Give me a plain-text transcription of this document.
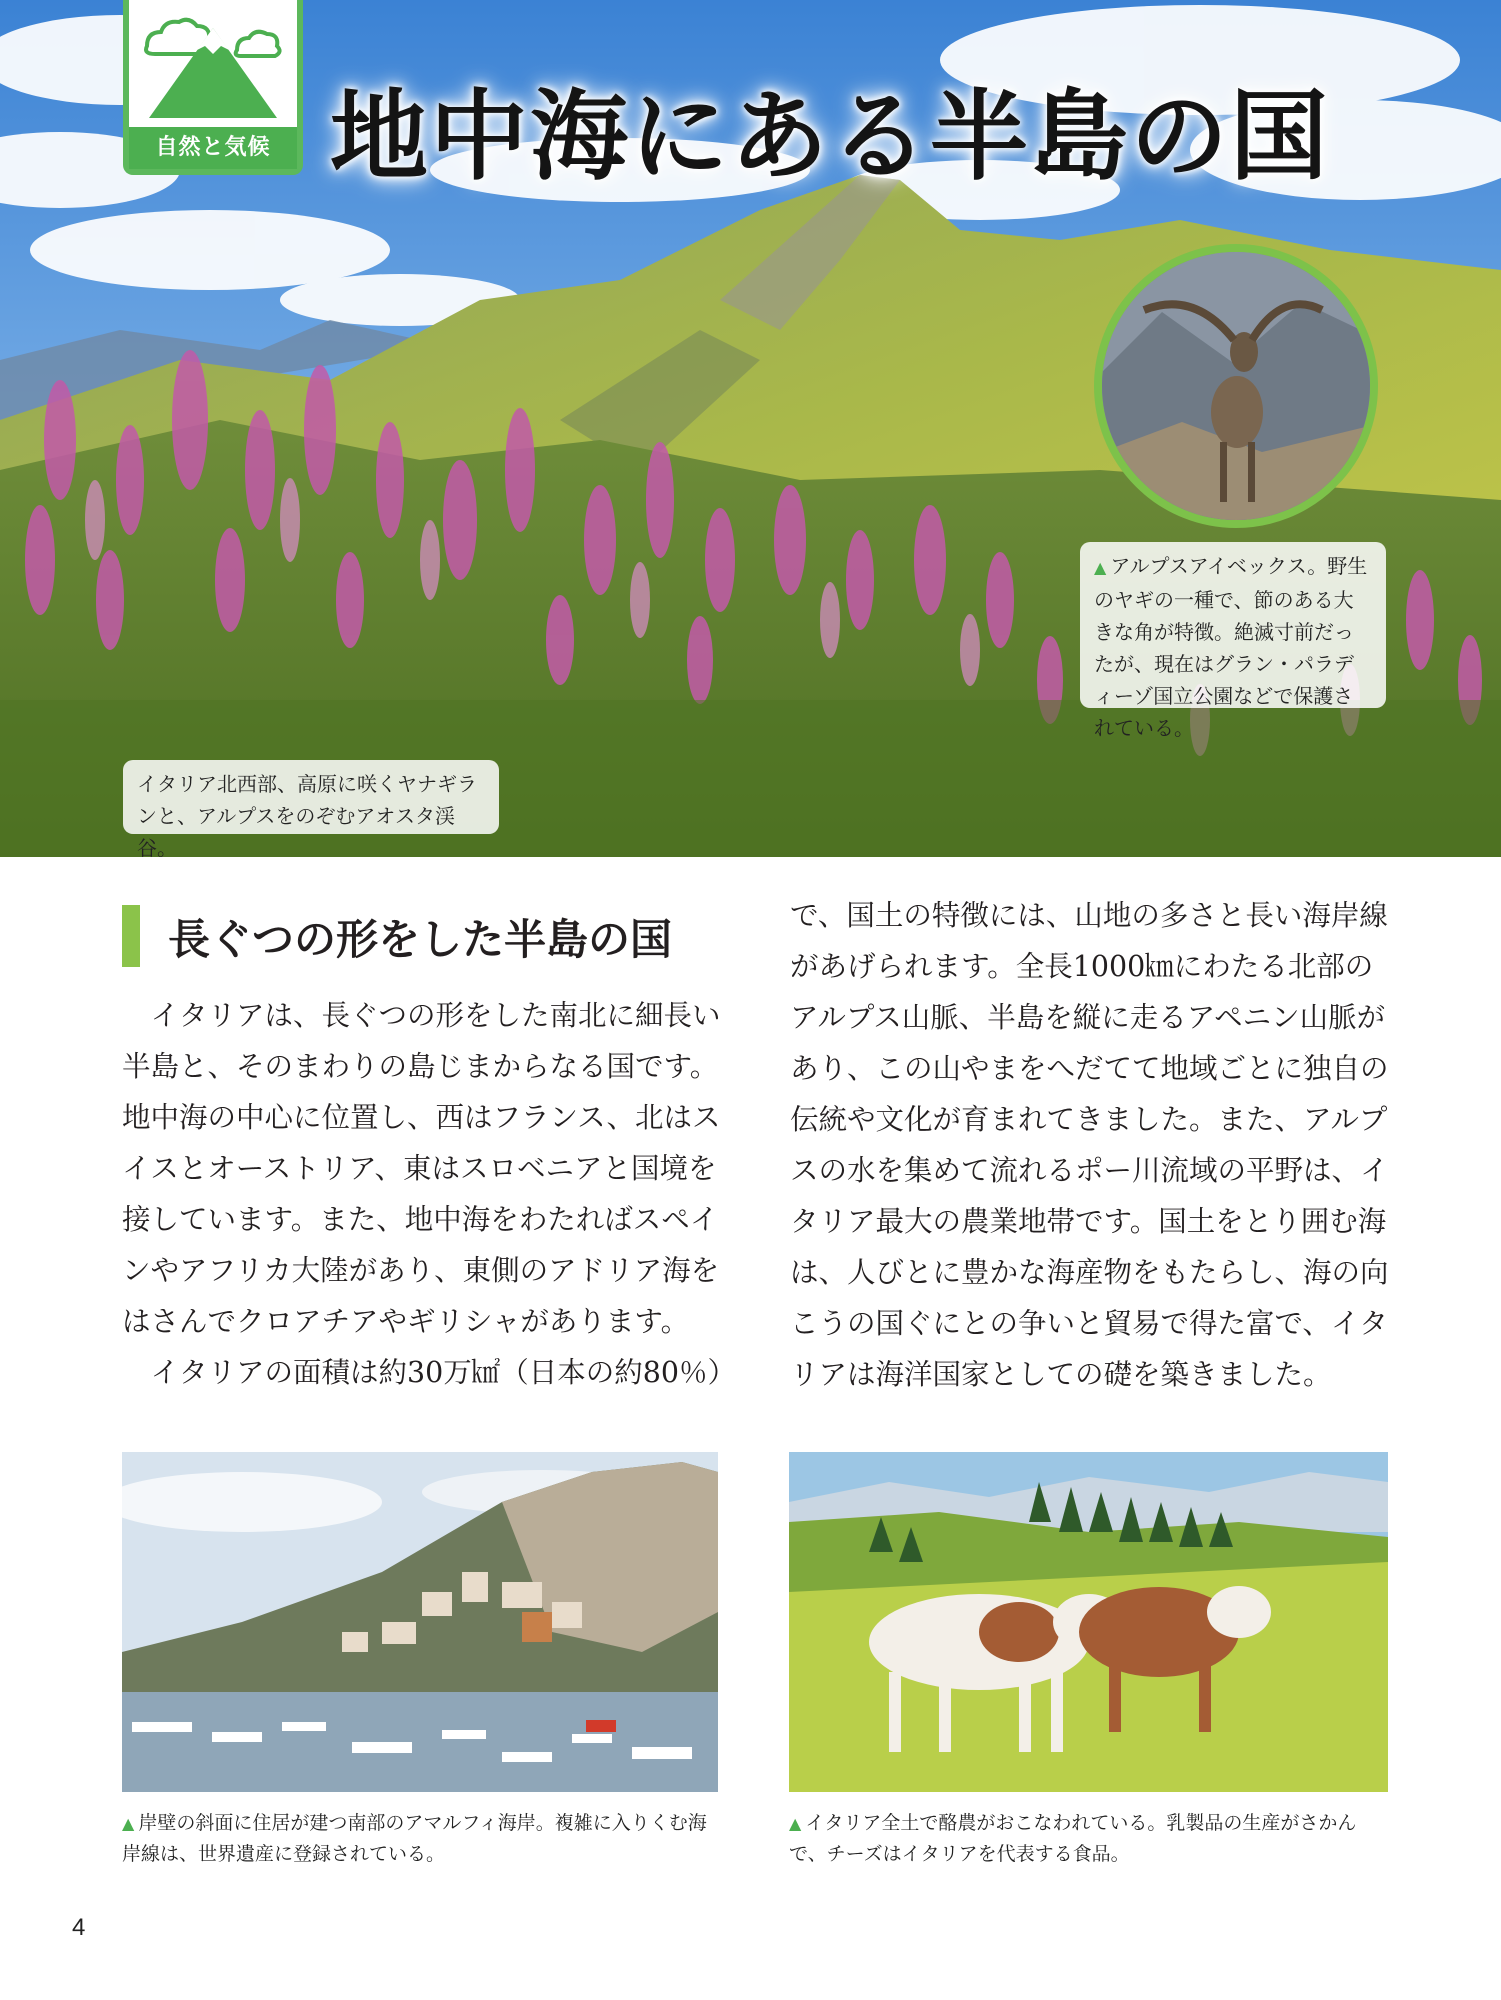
自然と気候 地中海にある半島の国
▲ アルプスアイベックス。野生のヤギの一種で、節のある大きな角が特徴。絶滅寸前だったが、現在はグラン・パラディーゾ国立公園などで保護されている。
イタリア北西部、高原に咲くヤナギランと、アルプスをのぞむアオスタ渓谷。
長ぐつの形をした半島の国

イタリアは、長ぐつの形をした南北に細長い半島と、そのまわりの島じまからなる国です。地中海の中心に位置し、西はフランス、北はスイスとオーストリア、東はスロベニアと国境を接しています。また、地中海をわたればスペインやアフリカ大陸があり、東側のアドリア海をはさんでクロアチアやギリシャがあります。

イタリアの面積は約30万㎢（日本の約80％）

で、国土の特徴には、山地の多さと長い海岸線があげられます。全長1000㎞にわたる北部のアルプス山脈、半島を縦に走るアペニン山脈があり、この山やまをへだてて地域ごとに独自の伝統や文化が育まれてきました。また、アルプスの水を集めて流れるポー川流域の平野は、イタリア最大の農業地帯です。国土をとり囲む海は、人びとに豊かな海産物をもたらし、海の向こうの国ぐにとの争いと貿易で得た富で、イタリアは海洋国家としての礎を築きました。

▲ 岸壁の斜面に住居が建つ南部のアマルフィ海岸。複雑に入りくむ海岸線は、世界遺産に登録されている。

▲ イタリア全土で酪農がおこなわれている。乳製品の生産がさかんで、チーズはイタリアを代表する食品。

4
